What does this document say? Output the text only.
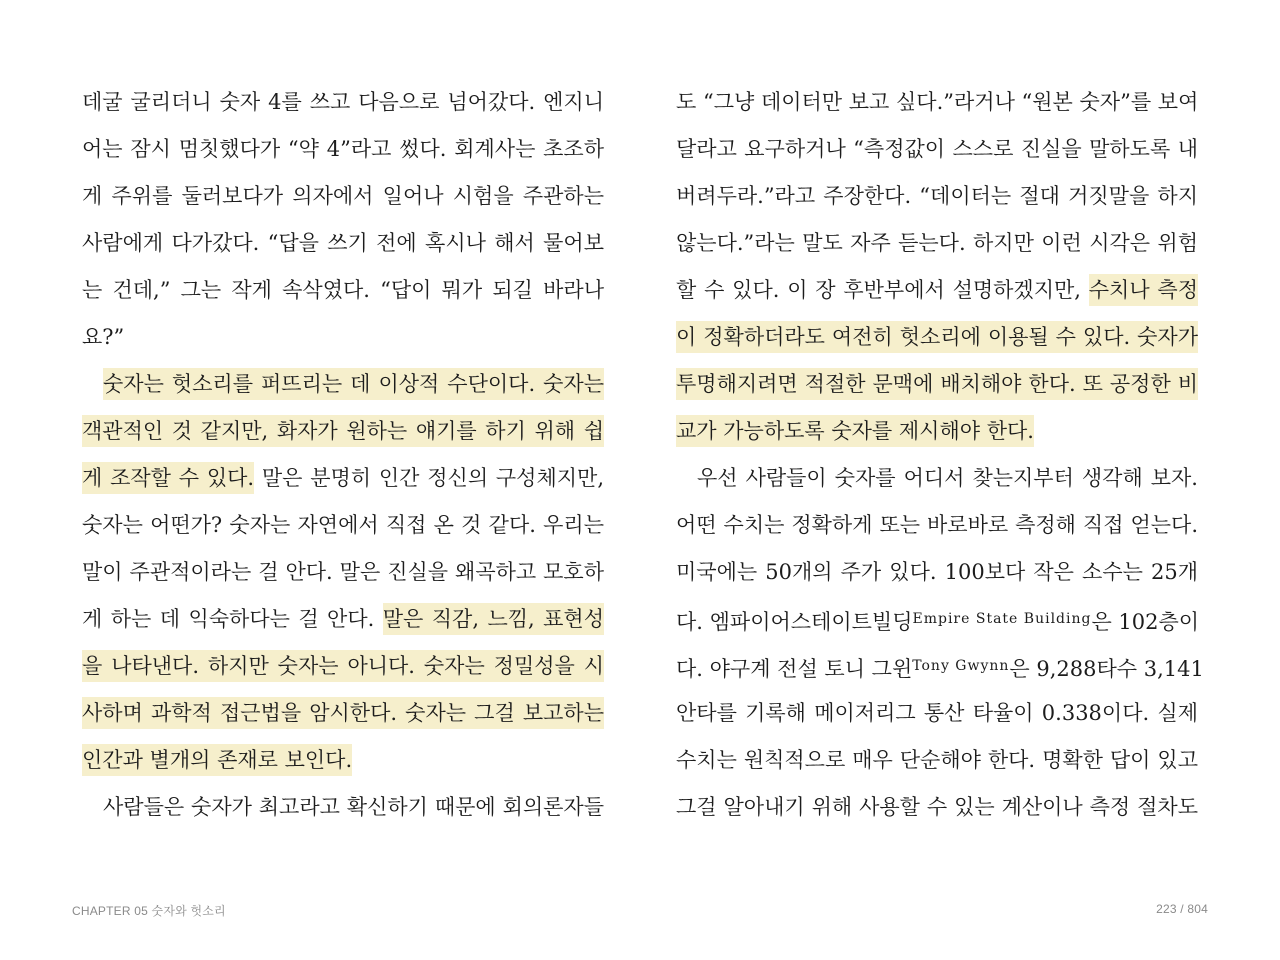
데굴 굴리더니 숫자 4를 쓰고 다음으로 넘어갔다. 엔지니
어는 잠시 멈칫했다가 “약 4”라고 썼다. 회계사는 초조하
게 주위를 둘러보다가 의자에서 일어나 시험을 주관하는
사람에게 다가갔다. “답을 쓰기 전에 혹시나 해서 물어보
는 건데,” 그는 작게 속삭였다. “답이 뭐가 되길 바라나
요?”
숫자는 헛소리를 퍼뜨리는 데 이상적 수단이다. 숫자는
객관적인 것 같지만, 화자가 원하는 얘기를 하기 위해 쉽
게 조작할 수 있다. 말은 분명히 인간 정신의 구성체지만,
숫자는 어떤가? 숫자는 자연에서 직접 온 것 같다. 우리는
말이 주관적이라는 걸 안다. 말은 진실을 왜곡하고 모호하
게 하는 데 익숙하다는 걸 안다. 말은 직감, 느낌, 표현성
을 나타낸다. 하지만 숫자는 아니다. 숫자는 정밀성을 시
사하며 과학적 접근법을 암시한다. 숫자는 그걸 보고하는
인간과 별개의 존재로 보인다.
사람들은 숫자가 최고라고 확신하기 때문에 회의론자들
도 “그냥 데이터만 보고 싶다.”라거나 “원본 숫자”를 보여
달라고 요구하거나 “측정값이 스스로 진실을 말하도록 내
버려두라.”라고 주장한다. “데이터는 절대 거짓말을 하지
않는다.”라는 말도 자주 듣는다. 하지만 이런 시각은 위험
할 수 있다. 이 장 후반부에서 설명하겠지만, 수치나 측정
이 정확하더라도 여전히 헛소리에 이용될 수 있다. 숫자가
투명해지려면 적절한 문맥에 배치해야 한다. 또 공정한 비
교가 가능하도록 숫자를 제시해야 한다.
우선 사람들이 숫자를 어디서 찾는지부터 생각해 보자.
어떤 수치는 정확하게 또는 바로바로 측정해 직접 얻는다.
미국에는 50개의 주가 있다. 100보다 작은 소수는 25개
다. 엠파이어스테이트빌딩$^{Empire State Building}$은 102층이
다. 야구계 전설 토니 그윈$^{Tony Gwynn}$은 9,288타수 3,141
안타를 기록해 메이저리그 통산 타율이 0.338이다. 실제
수치는 원칙적으로 매우 단순해야 한다. 명확한 답이 있고
그걸 알아내기 위해 사용할 수 있는 계산이나 측정 절차도
CHAPTER 05 숫자와 헛소리	223 / 804
